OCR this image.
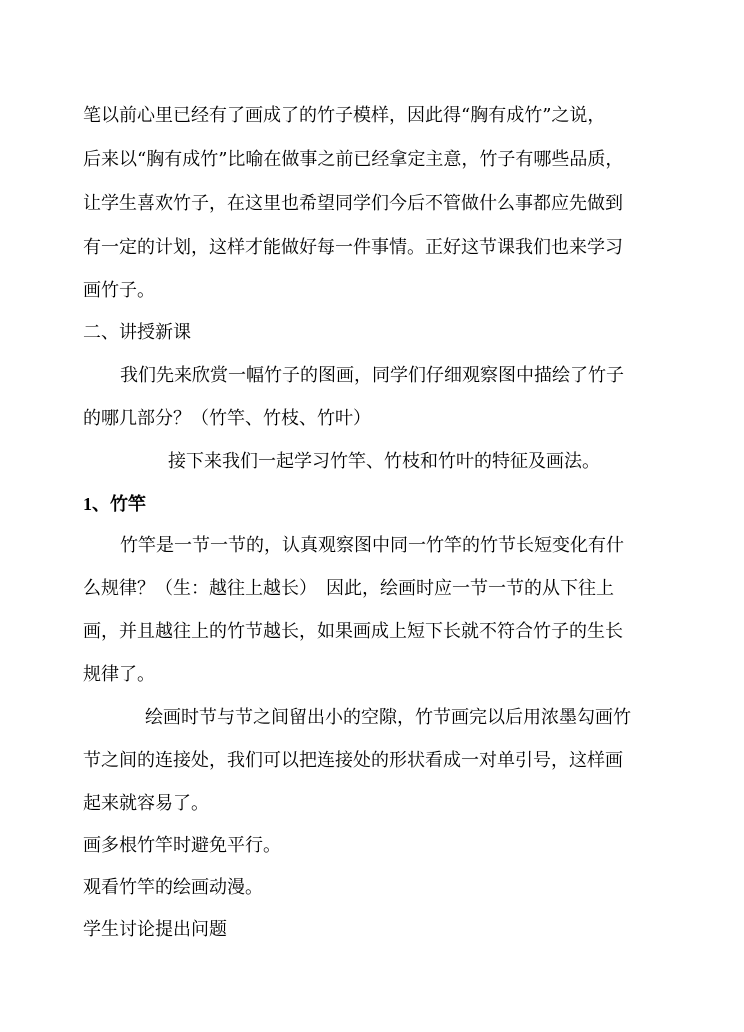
笔以前心里已经有了画成了的竹子模样，因此得“胸有成竹”之说，
后来以“胸有成竹”比喻在做事之前已经拿定主意，竹子有哪些品质，
让学生喜欢竹子，在这里也希望同学们今后不管做什么事都应先做到
有一定的计划，这样才能做好每一件事情。正好这节课我们也来学习
画竹子。
二、讲授新课
我们先来欣赏一幅竹子的图画，同学们仔细观察图中描绘了竹子
的哪几部分？（竹竿、竹枝、竹叶）
接下来我们一起学习竹竿、竹枝和竹叶的特征及画法。
1、竹竿
竹竿是一节一节的，认真观察图中同一竹竿的竹节长短变化有什
么规律？（生：越往上越长）　因此，绘画时应一节一节的从下往上
画，并且越往上的竹节越长，如果画成上短下长就不符合竹子的生长
规律了。
绘画时节与节之间留出小的空隙，竹节画完以后用浓墨勾画竹
节之间的连接处，我们可以把连接处的形状看成一对单引号，这样画
起来就容易了。
画多根竹竿时避免平行。
观看竹竿的绘画动漫。
学生讨论提出问题
